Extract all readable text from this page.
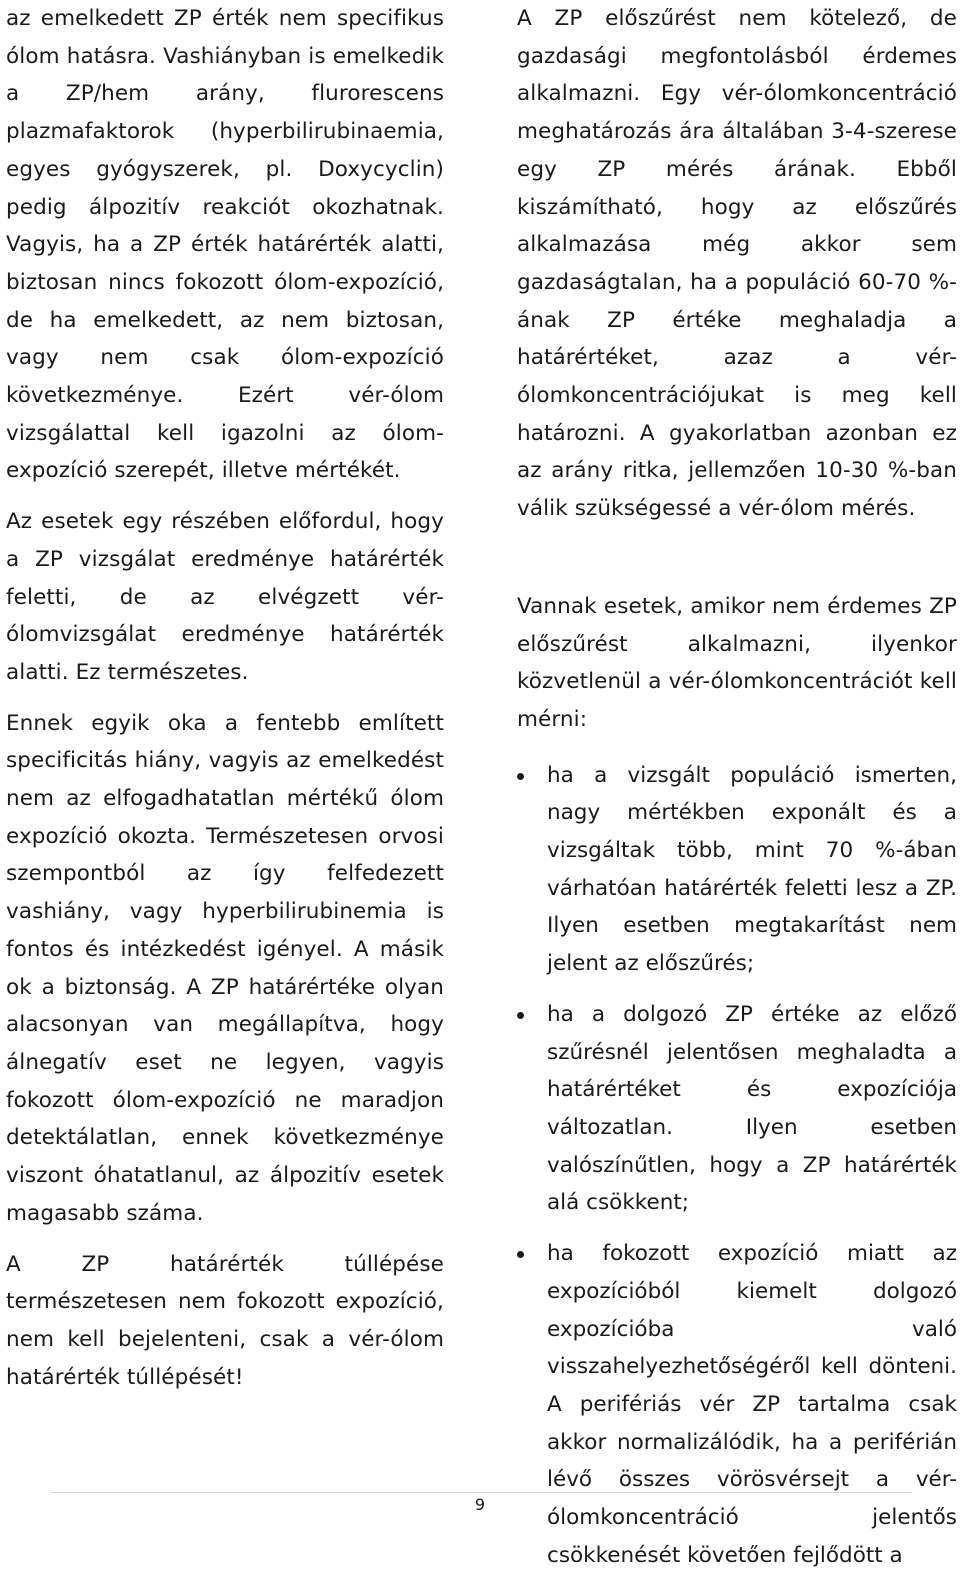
az emelkedett ZP érték nem specifikus ólom hatásra. Vashiányban is emelkedik a ZP/hem arány, flurorescens plazmafaktorok (hyperbilirubinaemia, egyes gyógyszerek, pl. Doxycyclin) pedig álpozitív reakciót okozhatnak. Vagyis, ha a ZP érték határérték alatti, biztosan nincs fokozott ólom-expozíció, de ha emelkedett, az nem biztosan, vagy nem csak ólom-expozíció következménye. Ezért vér-ólom vizsgálattal kell igazolni az ólom-expozíció szerepét, illetve mértékét.

Az esetek egy részében előfordul, hogy a ZP vizsgálat eredménye határérték feletti, de az elvégzett vér-ólomvizsgálat eredménye határérték alatti. Ez természetes.

Ennek egyik oka a fentebb említett specificitás hiány, vagyis az emelkedést nem az elfogadhatatlan mértékű ólom expozíció okozta. Természetesen orvosi szempontból az így felfedezett vashiány, vagy hyperbilirubinemia is fontos és intézkedést igényel. A másik ok a biztonság. A ZP határértéke olyan alacsonyan van megállapítva, hogy álnegatív eset ne legyen, vagyis fokozott ólom-expozíció ne maradjon detektálatlan, ennek következménye viszont óhatatlanul, az álpozitív esetek magasabb száma.

A ZP határérték túllépése természetesen nem fokozott expozíció, nem kell bejelenteni, csak a vér-ólom határérték túllépését!

A ZP előszűrést nem kötelező, de gazdasági megfontolásból érdemes alkalmazni. Egy vér-ólomkoncentráció meghatározás ára általában 3-4-szerese egy ZP mérés árának. Ebből kiszámítható, hogy az előszűrés alkalmazása még akkor sem gazdaságtalan, ha a populáció 60-70 %-ának ZP értéke meghaladja a határértéket, azaz a vér-ólomkoncentrációjukat is meg kell határozni. A gyakorlatban azonban ez az arány ritka, jellemzően 10-30 %-ban válik szükségessé a vér-ólom mérés.

Vannak esetek, amikor nem érdemes ZP előszűrést alkalmazni, ilyenkor közvetlenül a vér-ólomkoncentrációt kell mérni:

ha a vizsgált populáció ismerten, nagy mértékben exponált és a vizsgáltak több, mint 70 %-ában várhatóan határérték feletti lesz a ZP. Ilyen esetben megtakarítást nem jelent az előszűrés;
ha a dolgozó ZP értéke az előző szűrésnél jelentősen meghaladta a határértéket és expozíciója változatlan. Ilyen esetben valószínűtlen, hogy a ZP határérték alá csökkent;
ha fokozott expozíció miatt az expozícióból kiemelt dolgozó expozícióba való visszahelyezhetőségéről kell dönteni. A perifériás vér ZP tartalma csak akkor normalizálódik, ha a periférián lévő összes vörösvérsejt a vér-ólomkoncentráció jelentős csökkenését követően fejlődött a
9
